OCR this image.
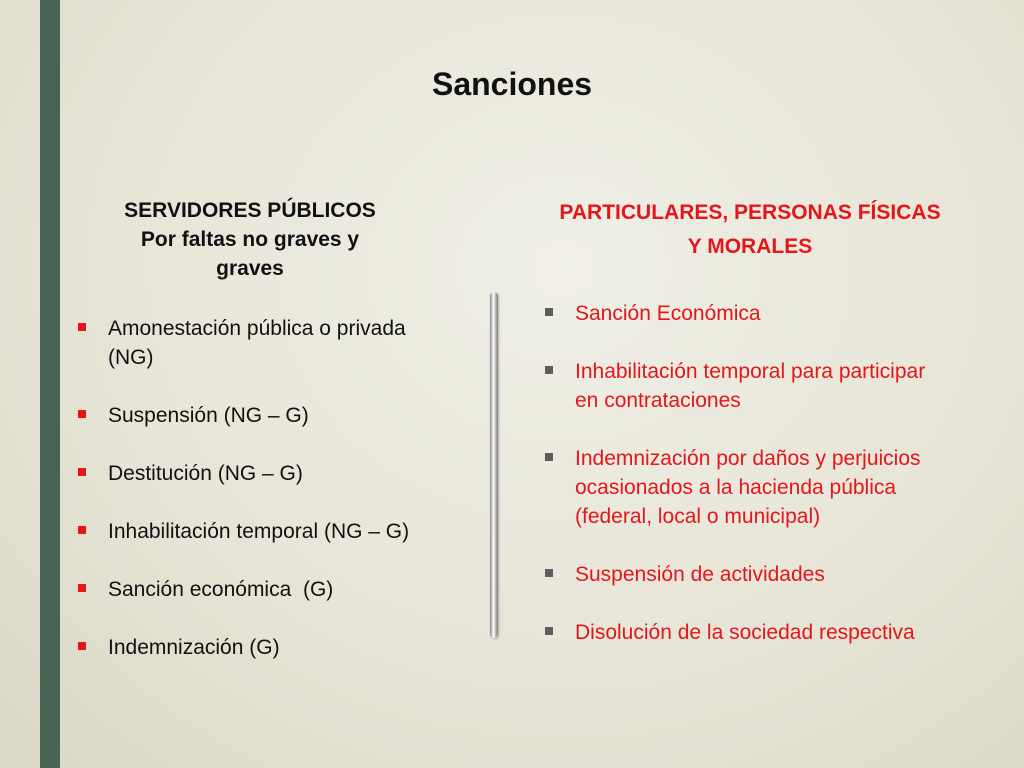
Sanciones
SERVIDORES PÚBLICOS
Por faltas no graves y
graves
Amonestación pública o privada
(NG)
Suspensión (NG – G)
Destitución (NG – G)
Inhabilitación temporal (NG – G)
Sanción económica  (G)
Indemnización (G)
PARTICULARES, PERSONAS FÍSICAS
Y MORALES
Sanción Económica
Inhabilitación temporal para participar
en contrataciones
Indemnización por daños y perjuicios
ocasionados a la hacienda pública
(federal, local o municipal)
Suspensión de actividades
Disolución de la sociedad respectiva
